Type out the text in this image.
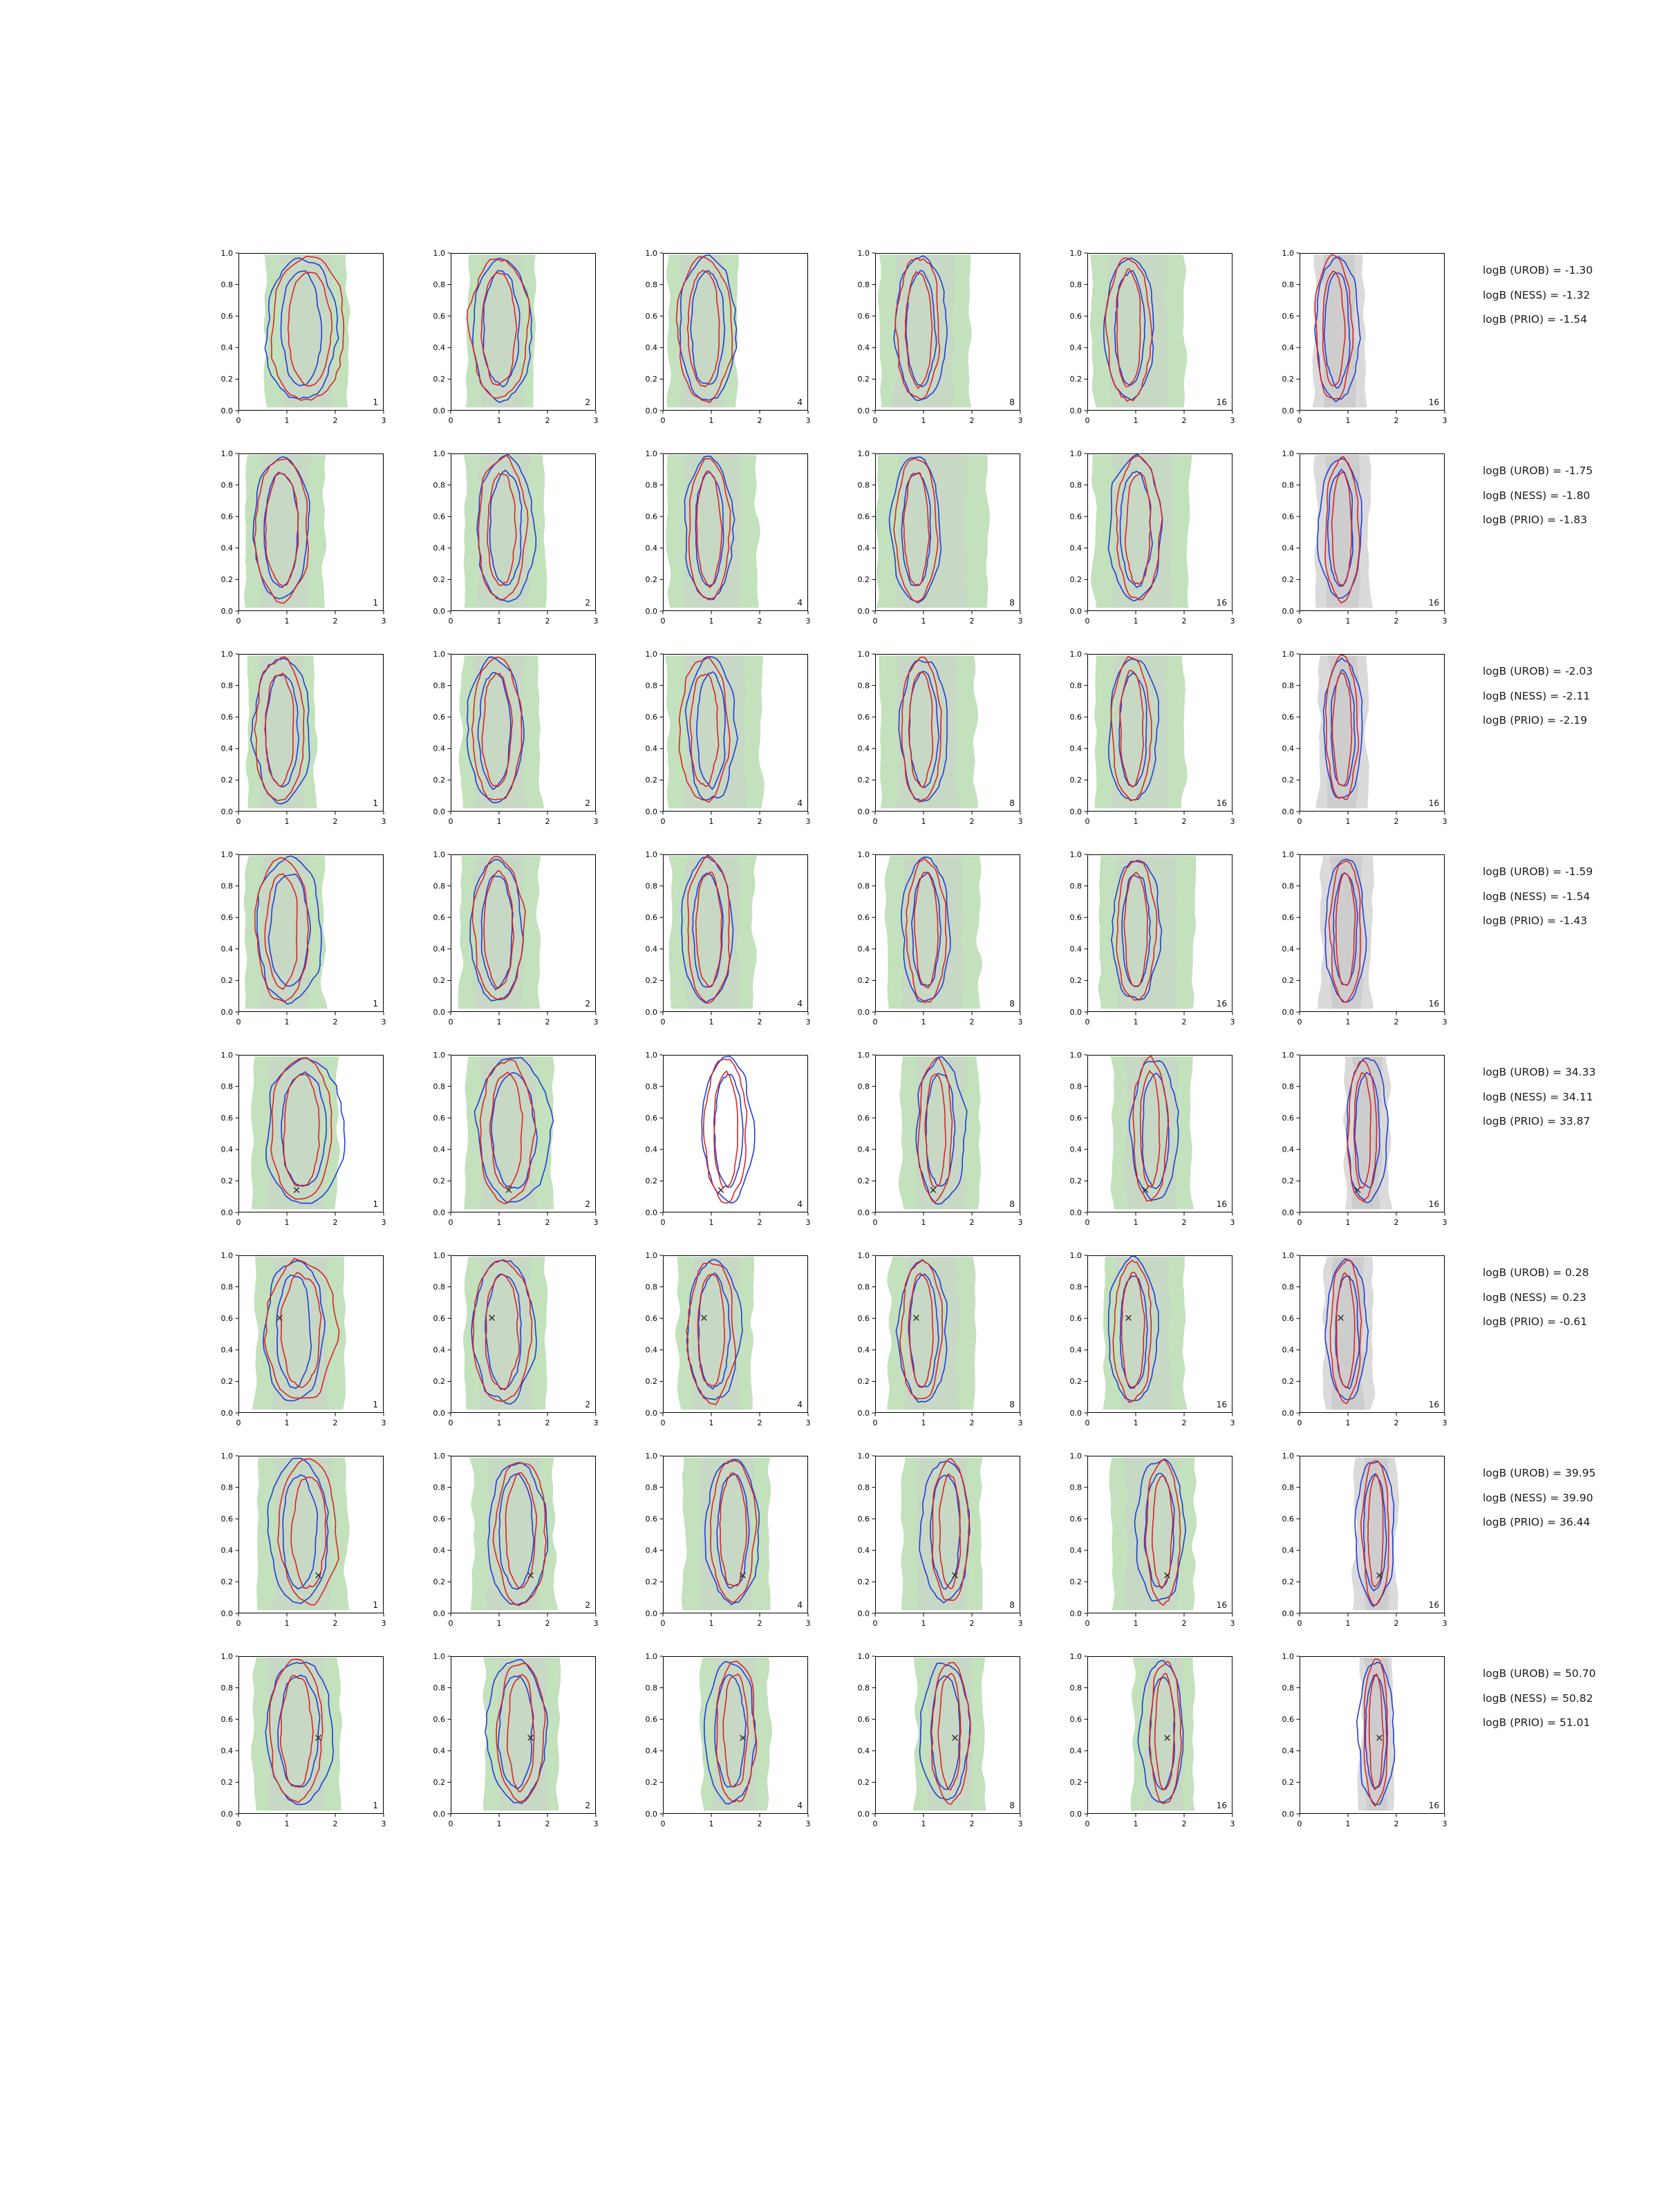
0	1	2	3
0.0
0.2
0.4
0.6
0.8
1.0
1
0	1	2	3
0.0
0.2
0.4
0.6
0.8
1.0
2
0	1	2	3
0.0
0.2
0.4
0.6
0.8
1.0
4
0	1	2	3
0.0
0.2
0.4
0.6
0.8
1.0
8
0	1	2	3
0.0
0.2
0.4
0.6
0.8
1.0
16
0	1	2	3
0.0
0.2
0.4
0.6
0.8
1.0
16
logB (UROB) = -1.30
logB (NESS) = -1.32
logB (PRIO) = -1.54
0	1	2	3
0.0
0.2
0.4
0.6
0.8
1.0
1
0	1	2	3
0.0
0.2
0.4
0.6
0.8
1.0
2
0	1	2	3
0.0
0.2
0.4
0.6
0.8
1.0
4
0	1	2	3
0.0
0.2
0.4
0.6
0.8
1.0
8
0	1	2	3
0.0
0.2
0.4
0.6
0.8
1.0
16
0	1	2	3
0.0
0.2
0.4
0.6
0.8
1.0
16
logB (UROB) = -1.75
logB (NESS) = -1.80
logB (PRIO) = -1.83
0	1	2	3
0.0
0.2
0.4
0.6
0.8
1.0
1
0	1	2	3
0.0
0.2
0.4
0.6
0.8
1.0
2
0	1	2	3
0.0
0.2
0.4
0.6
0.8
1.0
4
0	1	2	3
0.0
0.2
0.4
0.6
0.8
1.0
8
0	1	2	3
0.0
0.2
0.4
0.6
0.8
1.0
16
0	1	2	3
0.0
0.2
0.4
0.6
0.8
1.0
16
logB (UROB) = -2.03
logB (NESS) = -2.11
logB (PRIO) = -2.19
0	1	2	3
0.0
0.2
0.4
0.6
0.8
1.0
1
0	1	2	3
0.0
0.2
0.4
0.6
0.8
1.0
2
0	1	2	3
0.0
0.2
0.4
0.6
0.8
1.0
4
0	1	2	3
0.0
0.2
0.4
0.6
0.8
1.0
8
0	1	2	3
0.0
0.2
0.4
0.6
0.8
1.0
16
0	1	2	3
0.0
0.2
0.4
0.6
0.8
1.0
16
logB (UROB) = -1.59
logB (NESS) = -1.54
logB (PRIO) = -1.43
0	1	2	3
0.0
0.2
0.4
0.6
0.8
1.0
✕
1
0	1	2	3
0.0
0.2
0.4
0.6
0.8
1.0
✕
2
0	1	2	3
0.0
0.2
0.4
0.6
0.8
1.0
✕
4
0	1	2	3
0.0
0.2
0.4
0.6
0.8
1.0
✕
8
0	1	2	3
0.0
0.2
0.4
0.6
0.8
1.0
✕
16
0	1	2	3
0.0
0.2
0.4
0.6
0.8
1.0
✕
16
logB (UROB) = 34.33
logB (NESS) = 34.11
logB (PRIO) = 33.87
0	1	2	3
0.0
0.2
0.4
0.6
0.8
1.0
✕
1
0	1	2	3
0.0
0.2
0.4
0.6
0.8
1.0
✕
2
0	1	2	3
0.0
0.2
0.4
0.6
0.8
1.0
✕
4
0	1	2	3
0.0
0.2
0.4
0.6
0.8
1.0
✕
8
0	1	2	3
0.0
0.2
0.4
0.6
0.8
1.0
✕
16
0	1	2	3
0.0
0.2
0.4
0.6
0.8
1.0
✕
16
logB (UROB) = 0.28
logB (NESS) = 0.23
logB (PRIO) = -0.61
0	1	2	3
0.0
0.2
0.4
0.6
0.8
1.0
✕
1
0	1	2	3
0.0
0.2
0.4
0.6
0.8
1.0
✕
2
0	1	2	3
0.0
0.2
0.4
0.6
0.8
1.0
✕
4
0	1	2	3
0.0
0.2
0.4
0.6
0.8
1.0
✕
8
0	1	2	3
0.0
0.2
0.4
0.6
0.8
1.0
✕
16
0	1	2	3
0.0
0.2
0.4
0.6
0.8
1.0
✕
16
logB (UROB) = 39.95
logB (NESS) = 39.90
logB (PRIO) = 36.44
0	1	2	3
0.0
0.2
0.4
0.6
0.8
1.0
✕
1
0	1	2	3
0.0
0.2
0.4
0.6
0.8
1.0
✕
2
0	1	2	3
0.0
0.2
0.4
0.6
0.8
1.0
✕
4
0	1	2	3
0.0
0.2
0.4
0.6
0.8
1.0
✕
8
0	1	2	3
0.0
0.2
0.4
0.6
0.8
1.0
✕
16
0	1	2	3
0.0
0.2
0.4
0.6
0.8
1.0
✕
16
logB (UROB) = 50.70
logB (NESS) = 50.82
logB (PRIO) = 51.01
